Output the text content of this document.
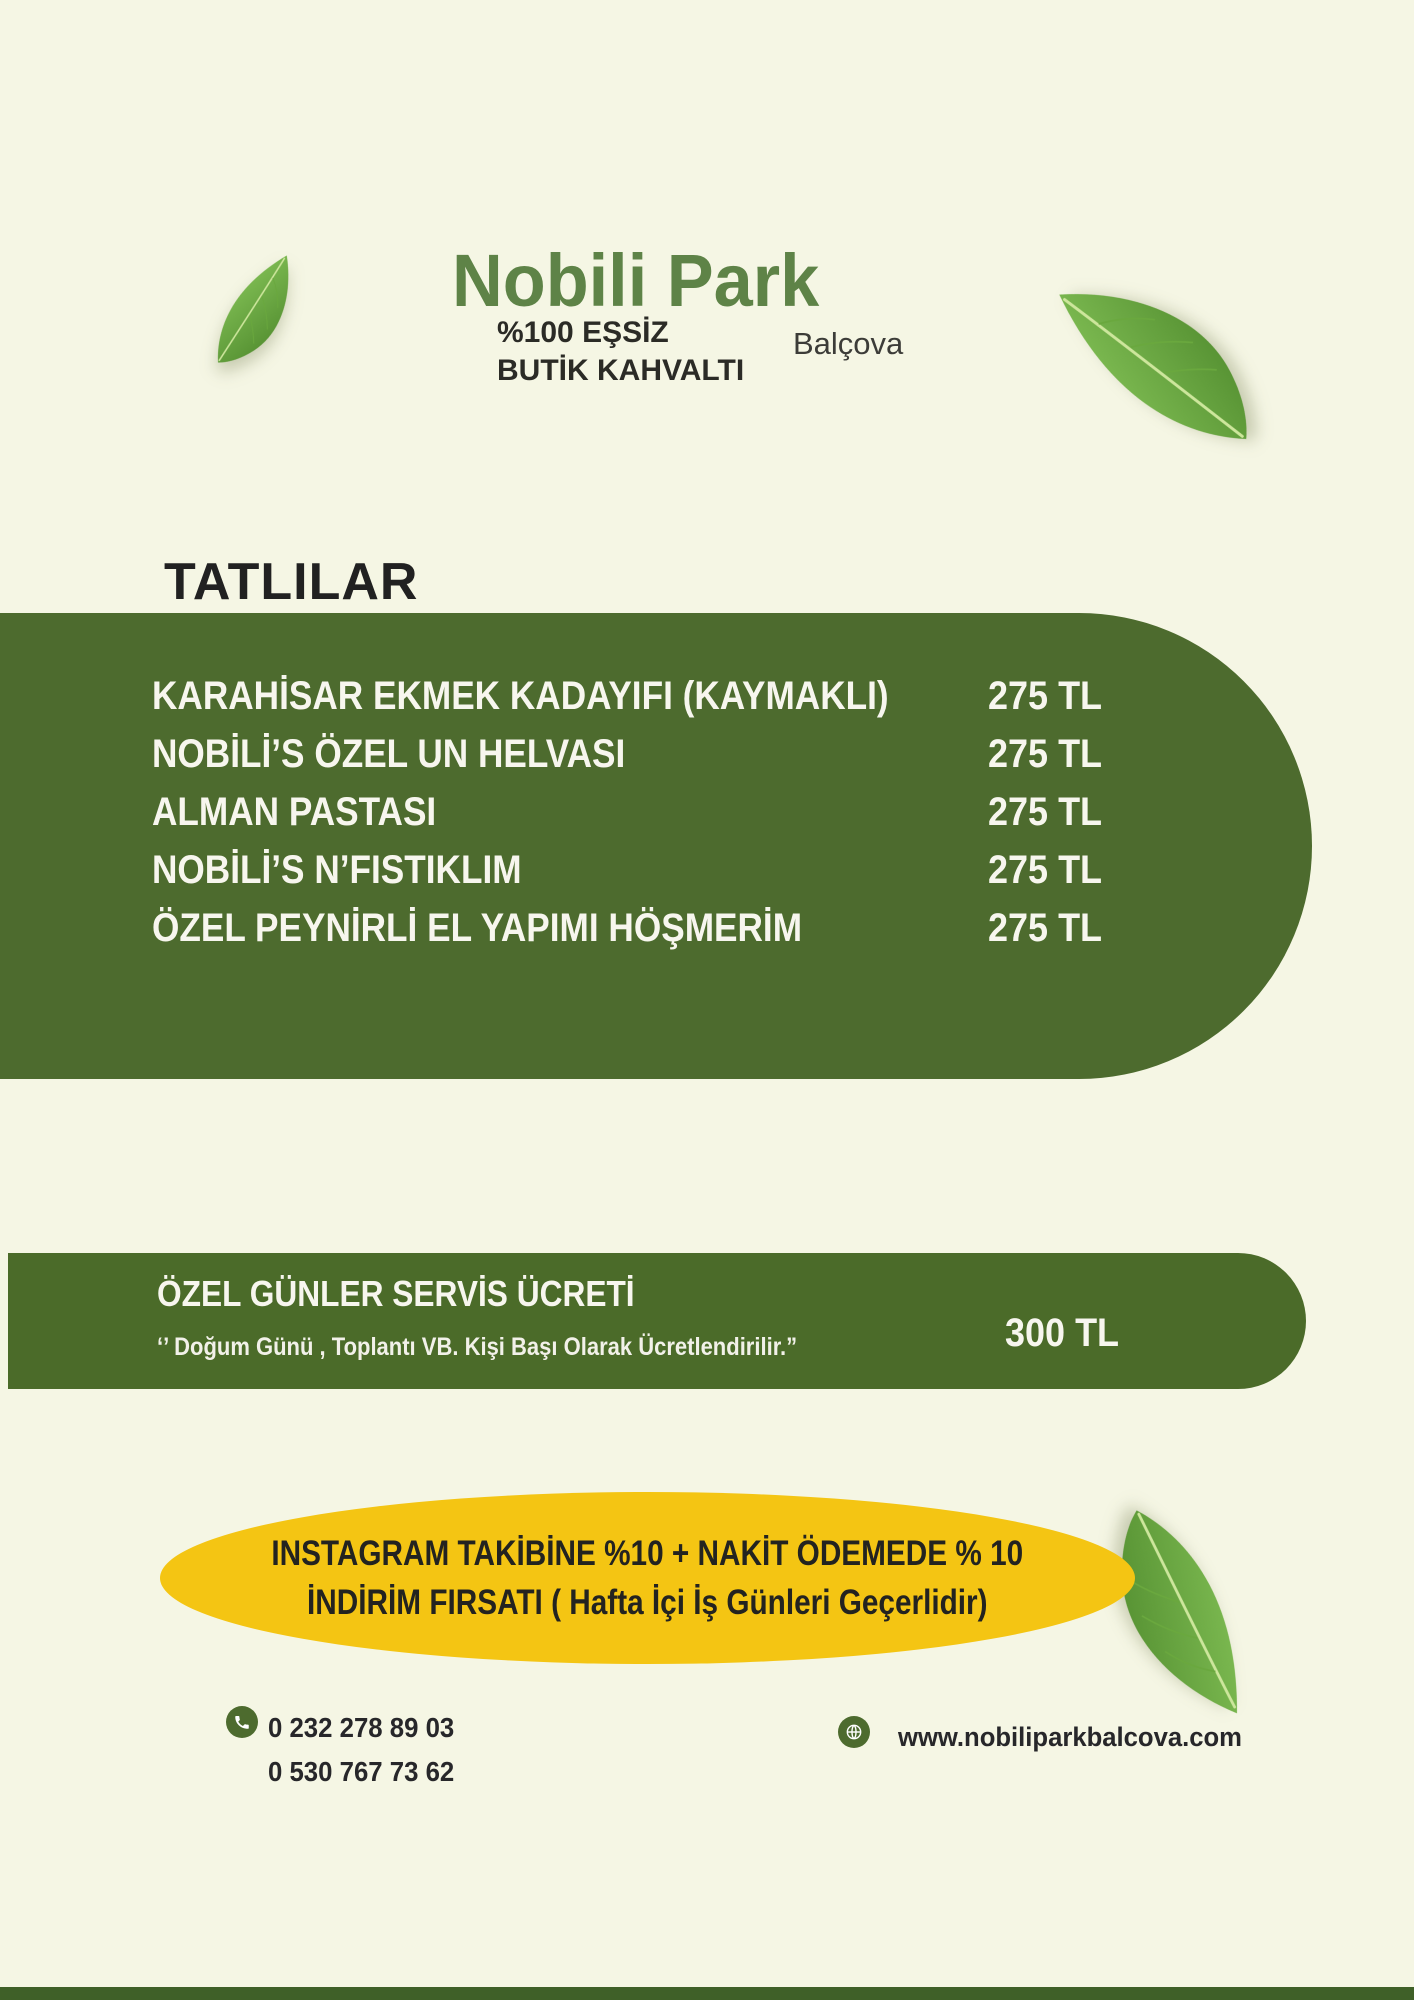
Nobili Park
%100 EŞSİZ
BUTİK KAHVALTI
Balçova
TATLILAR
KARAHİSAR EKMEK KADAYIFI (KAYMAKLI) 275 TL
NOBİLİ’S ÖZEL UN HELVASI	275 TL
ALMAN PASTASI	275 TL
NOBİLİ’S N’FISTIKLIM	275 TL
ÖZEL PEYNİRLİ EL YAPIMI HÖŞMERİM	275 TL
ÖZEL GÜNLER SERVİS ÜCRETİ
‘’ Doğum Günü , Toplantı VB. Kişi Başı Olarak Ücretlendirilir.”	300 TL
INSTAGRAM TAKİBİNE %10 + NAKİT ÖDEMEDE % 10
İNDİRİM FIRSATI ( Hafta İçi İş Günleri Geçerlidir)
0 232 278 89 03
0 530 767 73 62
www.nobiliparkbalcova.com
